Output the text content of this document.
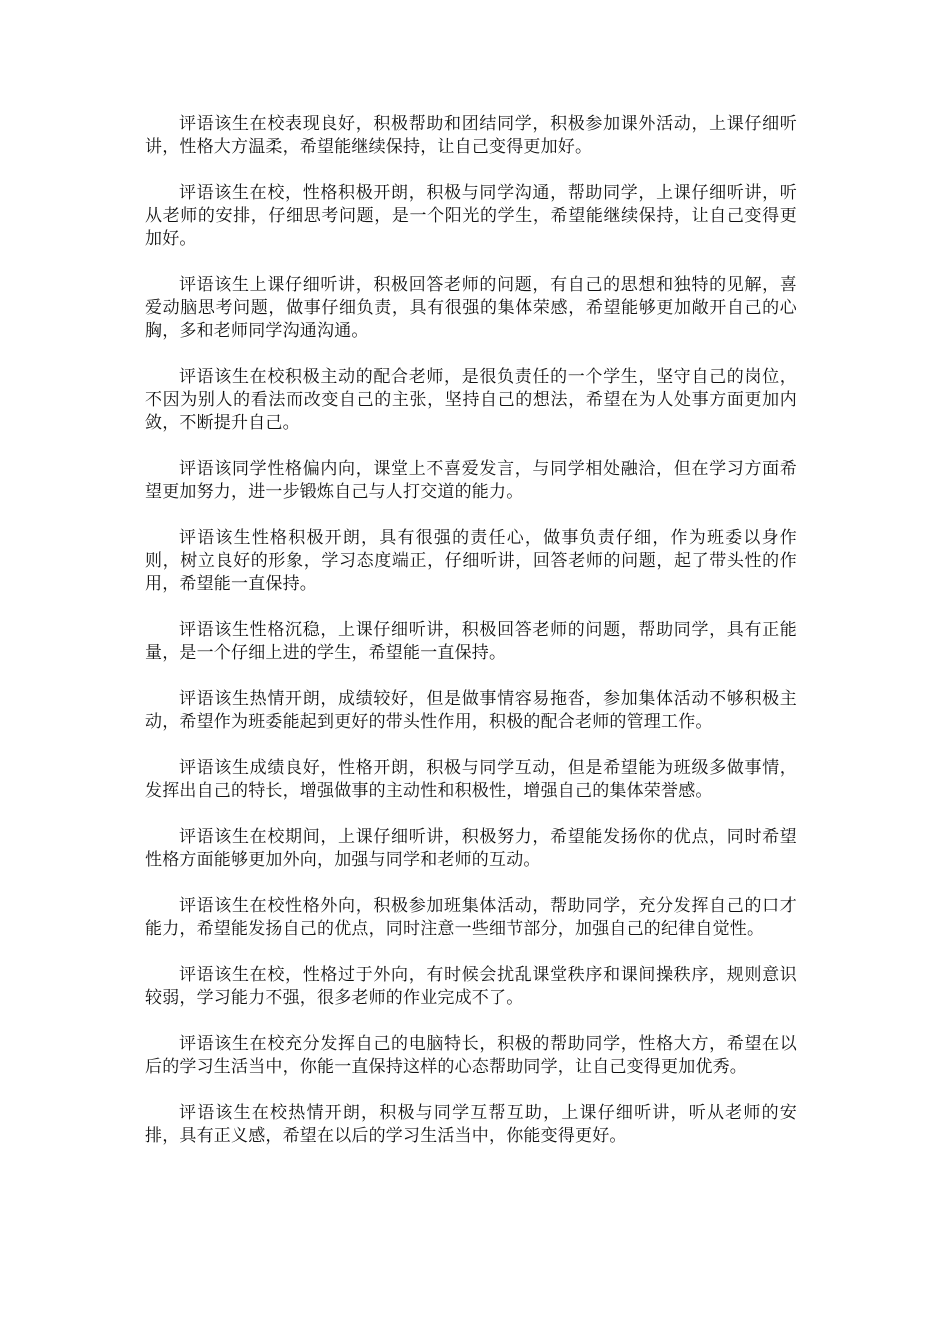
评语该生在校表现良好，积极帮助和团结同学，积极参加课外活动，上课仔细听讲，性格大方温柔，希望能继续保持，让自己变得更加好。

评语该生在校，性格积极开朗，积极与同学沟通，帮助同学，上课仔细听讲，听从老师的安排，仔细思考问题，是一个阳光的学生，希望能继续保持，让自己变得更加好。

评语该生上课仔细听讲，积极回答老师的问题，有自己的思想和独特的见解，喜爱动脑思考问题，做事仔细负责，具有很强的集体荣感，希望能够更加敞开自己的心胸，多和老师同学沟通沟通。

评语该生在校积极主动的配合老师，是很负责任的一个学生，坚守自己的岗位，不因为别人的看法而改变自己的主张，坚持自己的想法，希望在为人处事方面更加内敛，不断提升自己。

评语该同学性格偏内向，课堂上不喜爱发言，与同学相处融洽，但在学习方面希望更加努力，进一步锻炼自己与人打交道的能力。

评语该生性格积极开朗，具有很强的责任心，做事负责仔细，作为班委以身作则，树立良好的形象，学习态度端正，仔细听讲，回答老师的问题，起了带头性的作用，希望能一直保持。

评语该生性格沉稳，上课仔细听讲，积极回答老师的问题，帮助同学，具有正能量，是一个仔细上进的学生，希望能一直保持。

评语该生热情开朗，成绩较好，但是做事情容易拖沓，参加集体活动不够积极主动，希望作为班委能起到更好的带头性作用，积极的配合老师的管理工作。

评语该生成绩良好，性格开朗，积极与同学互动，但是希望能为班级多做事情，发挥出自己的特长，增强做事的主动性和积极性，增强自己的集体荣誉感。

评语该生在校期间，上课仔细听讲，积极努力，希望能发扬你的优点，同时希望性格方面能够更加外向，加强与同学和老师的互动。

评语该生在校性格外向，积极参加班集体活动，帮助同学，充分发挥自己的口才能力，希望能发扬自己的优点，同时注意一些细节部分，加强自己的纪律自觉性。

评语该生在校，性格过于外向，有时候会扰乱课堂秩序和课间操秩序，规则意识较弱，学习能力不强，很多老师的作业完成不了。

评语该生在校充分发挥自己的电脑特长，积极的帮助同学，性格大方，希望在以后的学习生活当中，你能一直保持这样的心态帮助同学，让自己变得更加优秀。

评语该生在校热情开朗，积极与同学互帮互助，上课仔细听讲，听从老师的安排，具有正义感，希望在以后的学习生活当中，你能变得更好。
